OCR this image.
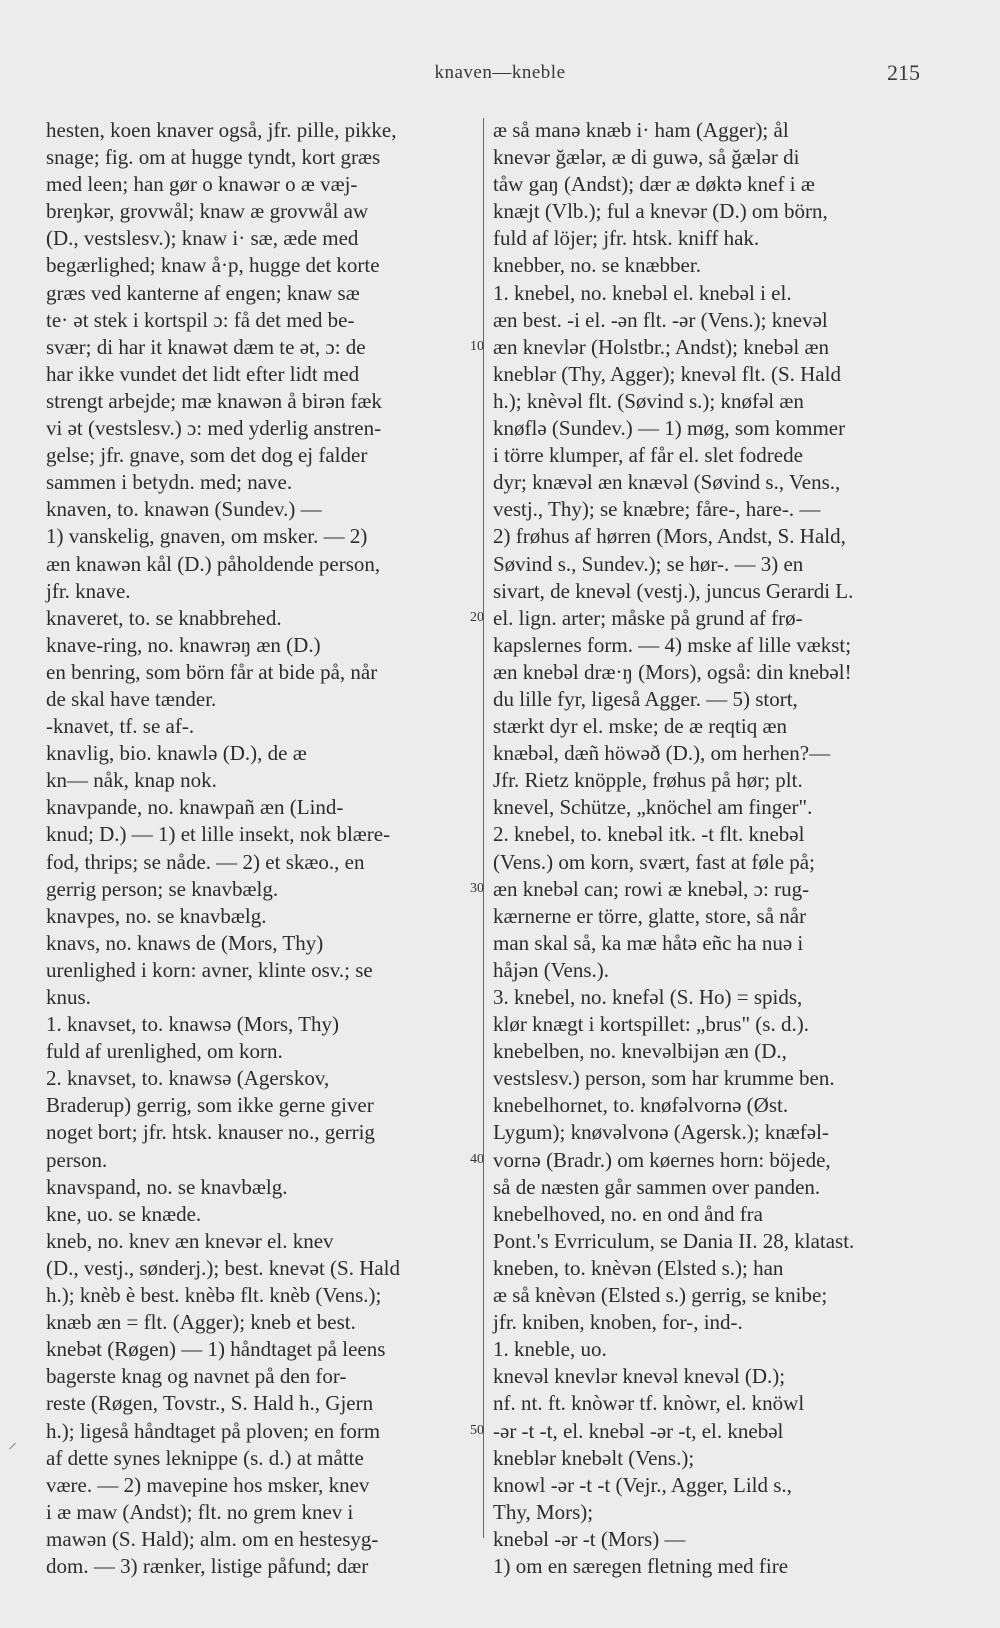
knaven—kneble	215
hesten, koen knaver også, jfr. pille, pikke,
snage; fig. om at hugge tyndt, kort græs
med leen; han gør o knawər o æ væj-
breŋkər, grovwål; knaw æ grovwål aw
(D., vestslesv.); knaw i· sæ, æde med
begærlighed; knaw å·p, hugge det korte
græs ved kanterne af engen; knaw sæ
te· ət stek i kortspil ɔ: få det med be-
svær; di har it knawət dæm te ət, ɔ: de
har ikke vundet det lidt efter lidt med
strengt arbejde; mæ knawən å birən fæk
vi ət (vestslesv.) ɔ: med yderlig anstren-
gelse; jfr. gnave, som det dog ej falder
sammen i betydn. med; nave.
knaven, to. knawən (Sundev.) —
1) vanskelig, gnaven, om msker. — 2)
æn knawən kål (D.) påholdende person,
jfr. knave.
knaveret, to. se knabbrehed.
knave-ring, no. knawrəŋ æn (D.)
en benring, som börn får at bide på, når
de skal have tænder.
-knavet, tf. se af-.
knavlig, bio. knawlə (D.), de æ
kn— nåk, knap nok.
knavpande, no. knawpañ æn (Lind-
knud; D.) — 1) et lille insekt, nok blære-
fod, thrips; se nåde. — 2) et skæo., en
gerrig person; se knavbælg.
knavpes, no. se knavbælg.
knavs, no. knaws de (Mors, Thy)
urenlighed i korn: avner, klinte osv.; se
knus.
1. knavset, to. knawsə (Mors, Thy)
fuld af urenlighed, om korn.
2. knavset, to. knawsə (Agerskov,
Braderup) gerrig, som ikke gerne giver
noget bort; jfr. htsk. knauser no., gerrig
person.
knavspand, no. se knavbælg.
kne, uo. se knæde.
kneb, no. knev æn knevər el. knev
(D., vestj., sønderj.); best. knevət (S. Hald
h.); knèb è best. knèbə flt. knèb (Vens.);
knæb æn = flt. (Agger); kneb et best.
knebət (Røgen) — 1) håndtaget på leens
bagerste knag og navnet på den for-
reste (Røgen, Tovstr., S. Hald h., Gjern
h.); ligeså håndtaget på ploven; en form
af dette synes leknippe (s. d.) at måtte
være. — 2) mavepine hos msker, knev
i æ maw (Andst); flt. no grem knev i
mawən (S. Hald); alm. om en hestesyg-
dom. — 3) rænker, listige påfund; dær
æ så manə knæb i· ham (Agger); ål
knevər ğælər, æ di guwə, så ğælər di
tåw gaŋ (Andst); dær æ døktə knef i æ
knæjt (Vlb.); ful a knevər (D.) om börn,
fuld af löjer; jfr. htsk. kniff hak.
knebber, no. se knæbber.
1. knebel, no. knebəl el. knebəl i el.
æn best. -i el. -ən flt. -ər (Vens.); knevəl
æn knevlər (Holstbr.; Andst); knebəl æn
kneblər (Thy, Agger); knevəl flt. (S. Hald
h.); knèvəl flt. (Søvind s.); knøfəl æn
knøflə (Sundev.) — 1) møg, som kommer
i törre klumper, af får el. slet fodrede
dyr; knævəl æn knævəl (Søvind s., Vens.,
vestj., Thy); se knæbre; fåre-, hare-. —
2) frøhus af hørren (Mors, Andst, S. Hald,
Søvind s., Sundev.); se hør-. — 3) en
sivart, de knevəl (vestj.), juncus Gerardi L.
el. lign. arter; måske på grund af frø-
kapslernes form. — 4) mske af lille vækst;
æn knebəl dræ·ŋ (Mors), også: din knebəl!
du lille fyr, ligeså Agger. — 5) stort,
stærkt dyr el. mske; de æ reqtiq æn
knæbəl, dæñ höwəð (D.), om herhen?—
Jfr. Rietz knöpple, frøhus på hør; plt.
knevel, Schütze, „knöchel am finger".
2. knebel, to. knebəl itk. -t flt. knebəl
(Vens.) om korn, svært, fast at føle på;
æn knebəl can; rowi æ knebəl, ɔ: rug-
kærnerne er törre, glatte, store, så når
man skal så, ka mæ håtə eñc ha nuə i
håjən (Vens.).
3. knebel, no. knefəl (S. Ho) = spids,
klør knægt i kortspillet: „brus" (s. d.).
knebelben, no. knevəlbijən æn (D.,
vestslesv.) person, som har krumme ben.
knebelhornet, to. knøfəlvornə (Øst.
Lygum); knøvəlvonə (Agersk.); knæfəl-
vornə (Bradr.) om køernes horn: böjede,
så de næsten går sammen over panden.
knebelhoved, no. en ond ånd fra
Pont.'s Evrriculum, se Dania II. 28, klatast.
kneben, to. knèvən (Elsted s.); han
æ så knèvən (Elsted s.) gerrig, se knibe;
jfr. kniben, knoben, for-, ind-.
1. kneble, uo.
knevəl knevlər knevəl knevəl (D.);
nf. nt. ft. knòwər tf. knòwr, el. knöwl
-ər -t -t, el. knebəl -ər -t, el. knebəl
kneblər knebəlt (Vens.);
knowl -ər -t -t (Vejr., Agger, Lild s.,
Thy, Mors);
knebəl -ər -t (Mors) —
1) om en særegen fletning med fire
10
20
30
40
50
⸝
